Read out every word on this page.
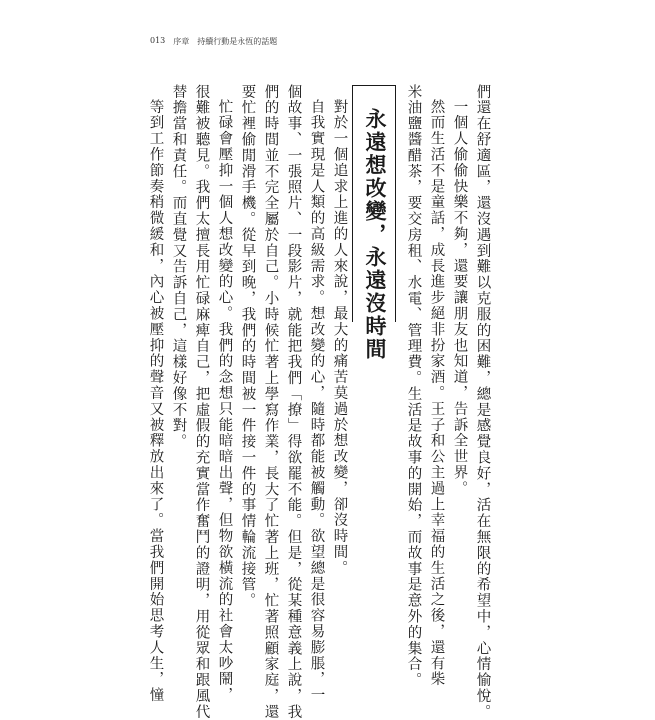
013 序章 持續行動是永恆的話題
永遠想改變，永遠沒時間	們還在舒適區，還沒遇到難以克服的困難，總是感覺良好，活在無限的希望中，心情愉悅。
一個人偷偷快樂不夠，還要讓朋友也知道，告訴全世界。
然而生活不是童話，成長進步絕非扮家酒。王子和公主過上幸福的生活之後，還有柴
米油鹽醬醋茶，要交房租、水電、管理費。生活是故事的開始，而故事是意外的集合。
對於一個追求上進的人來說，最大的痛苦莫過於想改變，卻沒時間。
自我實現是人類的高級需求。想改變的心，隨時都能被觸動。欲望總是很容易膨脹，一
個故事、一張照片、一段影片，就能把我們「撩」得欲罷不能。但是，從某種意義上說，我
們的時間並不完全屬於自己。小時候忙著上學寫作業，長大了忙著上班，忙著照顧家庭，還
要忙裡偷閒滑手機。從早到晚，我們的時間被一件接一件的事情輪流接管。
忙碌會壓抑一個人想改變的心。我們的念想只能暗暗出聲，但物欲橫流的社會太吵鬧，
很難被聽見。我們太擅長用忙碌麻痺自己，把虛假的充實當作奮鬥的證明，用從眾和跟風代
替擔當和責任。而直覺又告訴自己，這樣好像不對。
等到工作節奏稍微緩和，內心被壓抑的聲音又被釋放出來了。當我們開始思考人生，憧
